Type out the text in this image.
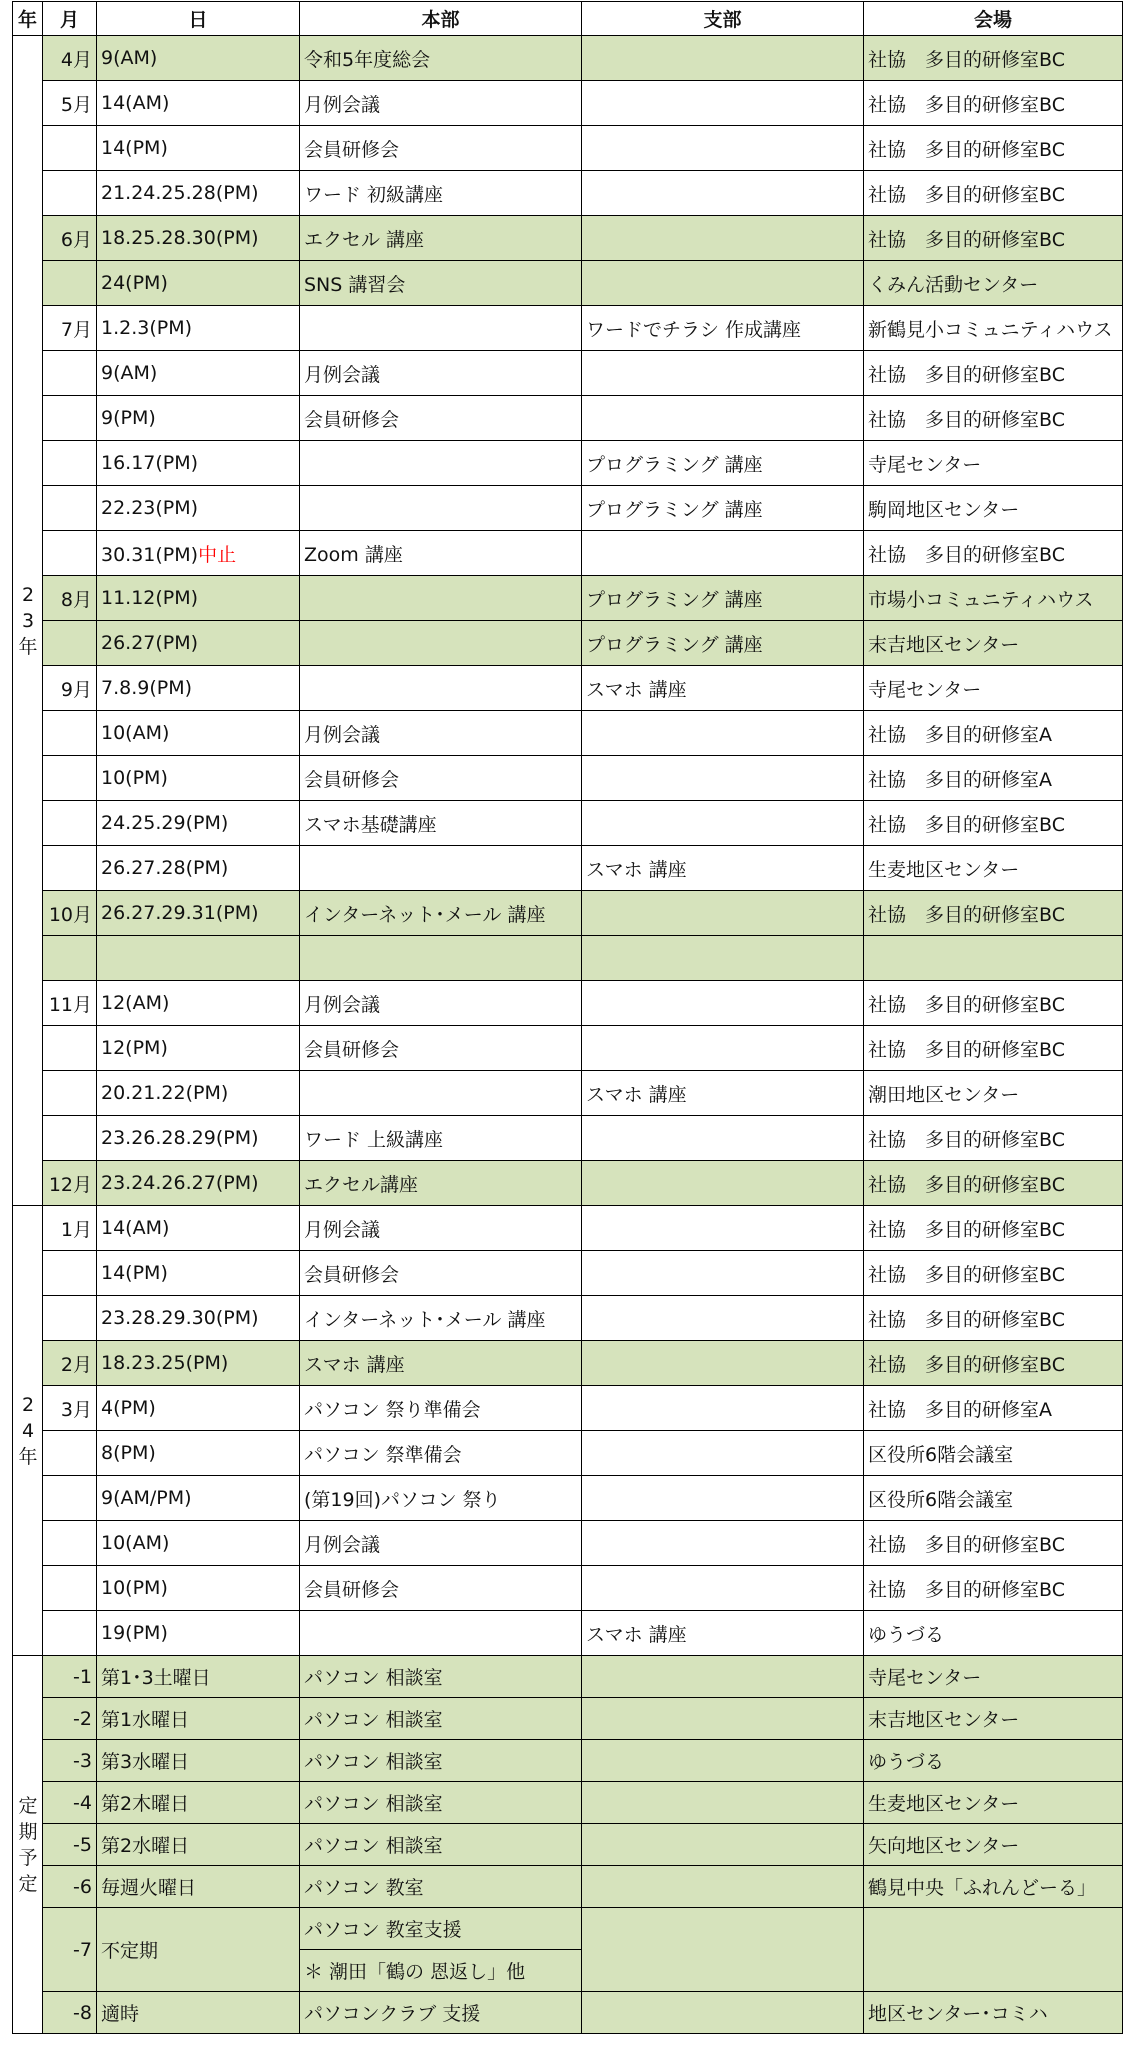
年	月	日	本部	支部	会場
23年	4月	9(AM)	令和5年度総会		社協　多目的研修室BC
	5月	14(AM)	月例会議		社協　多目的研修室BC
		14(PM)	会員研修会		社協　多目的研修室BC
		21.24.25.28(PM)	ワード 初級講座		社協　多目的研修室BC
	6月	18.25.28.30(PM)	エクセル 講座		社協　多目的研修室BC
		24(PM)	SNS 講習会		くみん活動センター
	7月	1.2.3(PM)		ワードでチラシ 作成講座	新鶴見小コミュニティハウス
		9(AM)	月例会議		社協　多目的研修室BC
		9(PM)	会員研修会		社協　多目的研修室BC
		16.17(PM)		プログラミング 講座	寺尾センター
		22.23(PM)		プログラミング 講座	駒岡地区センター
		30.31(PM)中止	Zoom 講座		社協　多目的研修室BC
	8月	11.12(PM)		プログラミング 講座	市場小コミュニティハウス
		26.27(PM)		プログラミング 講座	末吉地区センター
	9月	7.8.9(PM)		スマホ 講座	寺尾センター
		10(AM)	月例会議		社協　多目的研修室A
		10(PM)	会員研修会		社協　多目的研修室A
		24.25.29(PM)	スマホ基礎講座		社協　多目的研修室BC
		26.27.28(PM)		スマホ 講座	生麦地区センター
	10月	26.27.29.31(PM)	インターネット･メール 講座		社協　多目的研修室BC

	11月	12(AM)	月例会議		社協　多目的研修室BC
		12(PM)	会員研修会		社協　多目的研修室BC
		20.21.22(PM)		スマホ 講座	潮田地区センター
		23.26.28.29(PM)	ワード 上級講座		社協　多目的研修室BC
	12月	23.24.26.27(PM)	エクセル講座		社協　多目的研修室BC
24年	1月	14(AM)	月例会議		社協　多目的研修室BC
		14(PM)	会員研修会		社協　多目的研修室BC
		23.28.29.30(PM)	インターネット･メール 講座		社協　多目的研修室BC
	2月	18.23.25(PM)	スマホ 講座		社協　多目的研修室BC
	3月	4(PM)	パソコン 祭り準備会		社協　多目的研修室A
		8(PM)	パソコン 祭準備会		区役所6階会議室
		9(AM/PM)	(第19回)パソコン 祭り		区役所6階会議室
		10(AM)	月例会議		社協　多目的研修室BC
		10(PM)	会員研修会		社協　多目的研修室BC
		19(PM)		スマホ 講座	ゆうづる
定期予定	-1	第1･3土曜日	パソコン 相談室		寺尾センター
	-2	第1水曜日	パソコン 相談室		末吉地区センター
	-3	第3水曜日	パソコン 相談室		ゆうづる
	-4	第2木曜日	パソコン 相談室		生麦地区センター
	-5	第2水曜日	パソコン 相談室		矢向地区センター
	-6	毎週火曜日	パソコン 教室		鶴見中央「ふれんどーる」
	-7	不定期	パソコン 教室支援		
			＊ 潮田「鶴の 恩返し」他		
	-8	適時	パソコンクラブ 支援		地区センター･コミハ
